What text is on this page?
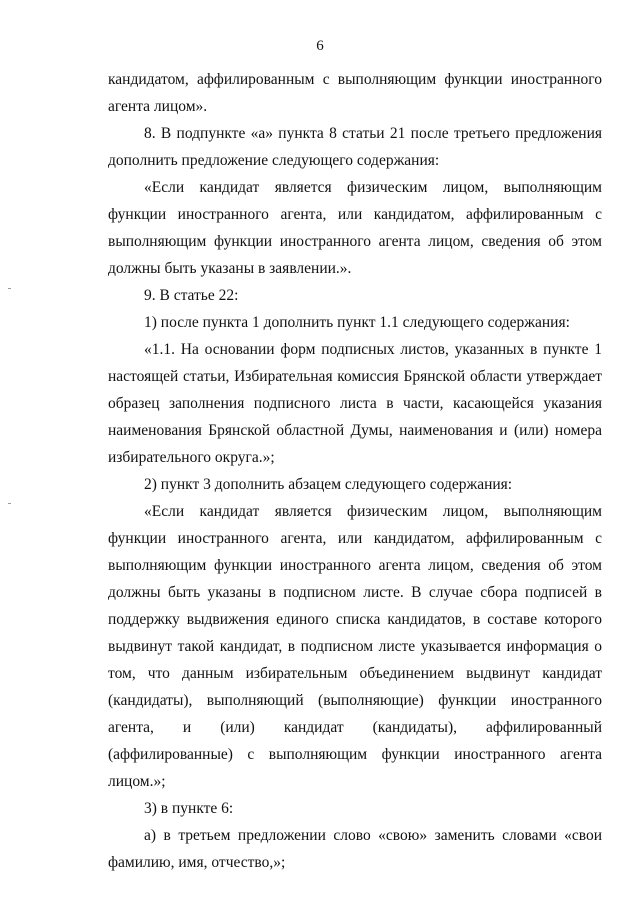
6

кандидатом, аффилированным с выполняющим функции иностранного агента лицом».

8. В подпункте «а» пункта 8 статьи 21 после третьего предложения дополнить предложение следующего содержания:

«Если кандидат является физическим лицом, выполняющим функции иностранного агента, или кандидатом, аффилированным с выполняющим функции иностранного агента лицом, сведения об этом должны быть указаны в заявлении.».

9. В статье 22:

1) после пункта 1 дополнить пункт 1.1 следующего содержания:

«1.1. На основании форм подписных листов, указанных в пункте 1 настоящей статьи, Избирательная комиссия Брянской области утверждает образец заполнения подписного листа в части, касающейся указания наименования Брянской областной Думы, наименования и (или) номера избирательного округа.»;

2) пункт 3 дополнить абзацем следующего содержания:

«Если кандидат является физическим лицом, выполняющим функции иностранного агента, или кандидатом, аффилированным с выполняющим функции иностранного агента лицом, сведения об этом должны быть указаны в подписном листе. В случае сбора подписей в поддержку выдвижения единого списка кандидатов, в составе которого выдвинут такой кандидат, в подписном листе указывается информация о том, что данным избирательным объединением выдвинут кандидат (кандидаты), выполняющий (выполняющие) функции иностранного агента, и (или) кандидат (кандидаты), аффилированный (аффилированные) с выполняющим функции иностранного агента лицом.»;

3) в пункте 6:

а) в третьем предложении слово «свою» заменить словами «свои фамилию, имя, отчество,»;
